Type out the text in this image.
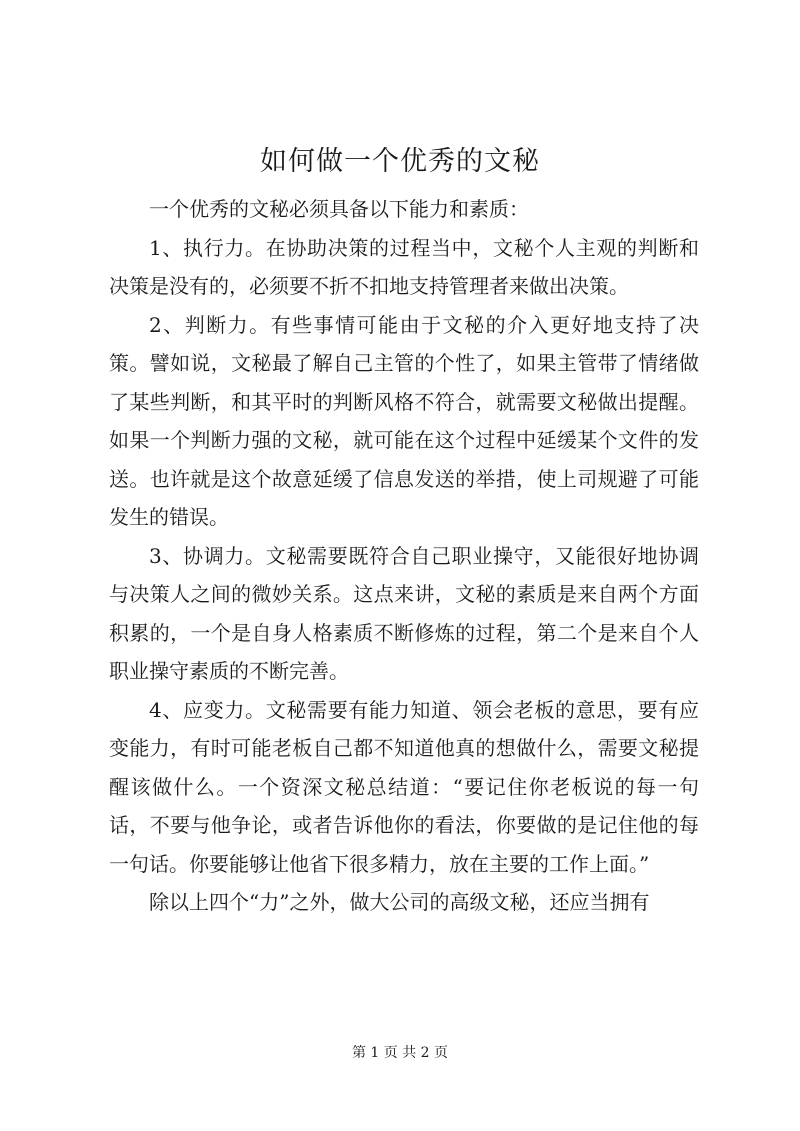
如何做一个优秀的文秘

一个优秀的文秘必须具备以下能力和素质：

1、执行力。在协助决策的过程当中，文秘个人主观的判断和决策是没有的，必须要不折不扣地支持管理者来做出决策。

2、判断力。有些事情可能由于文秘的介入更好地支持了决策。譬如说，文秘最了解自己主管的个性了，如果主管带了情绪做了某些判断，和其平时的判断风格不符合，就需要文秘做出提醒。如果一个判断力强的文秘，就可能在这个过程中延缓某个文件的发送。也许就是这个故意延缓了信息发送的举措，使上司规避了可能发生的错误。

3、协调力。文秘需要既符合自己职业操守，又能很好地协调与决策人之间的微妙关系。这点来讲，文秘的素质是来自两个方面积累的，一个是自身人格素质不断修炼的过程，第二个是来自个人职业操守素质的不断完善。

4、应变力。文秘需要有能力知道、领会老板的意思，要有应变能力，有时可能老板自己都不知道他真的想做什么，需要文秘提醒该做什么。一个资深文秘总结道：“要记住你老板说的每一句话，不要与他争论，或者告诉他你的看法，你要做的是记住他的每一句话。你要能够让他省下很多精力，放在主要的工作上面。”

除以上四个“力”之外，做大公司的高级文秘，还应当拥有

第 1 页 共 2 页
